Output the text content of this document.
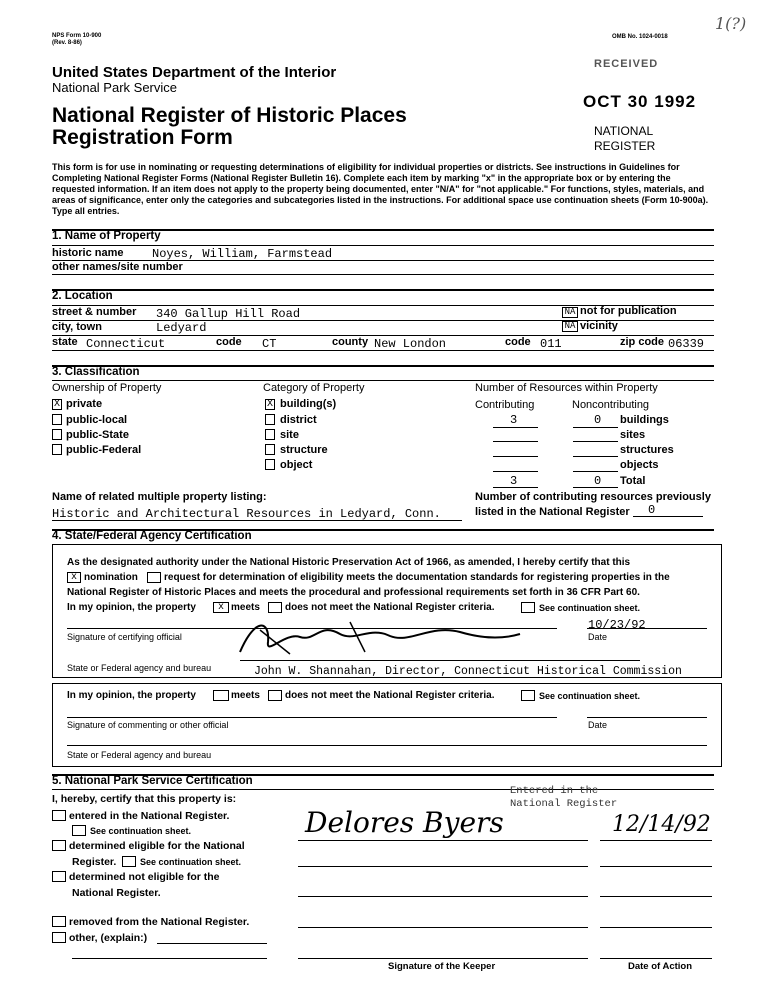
NPS Form 10-900
(Rev. 8-86)
OMB No. 1024-0018
1(?)
United States Department of the Interior
National Park Service
National Register of Historic Places
Registration Form
RECEIVED
OCT 30 1992
NATIONAL
REGISTER
This form is for use in nominating or requesting determinations of eligibility for individual properties or districts. See instructions in Guidelines for Completing National Register Forms (National Register Bulletin 16). Complete each item by marking "x" in the appropriate box or by entering the requested information. If an item does not apply to the property being documented, enter "N/A" for "not applicable." For functions, styles, materials, and areas of significance, enter only the categories and subcategories listed in the instructions. For additional space use continuation sheets (Form 10-900a). Type all entries.
1. Name of Property
historic name Noyes, William, Farmstead
other names/site number
2. Location
street & number 340 Gallup Hill Road	NA not for publication
city, town	Ledyard	NA vicinity
state Connecticut	code CT	county New London	code 011	zip code 06339
3. Classification
Ownership of Property
X private
public-local
public-State
public-Federal
Category of Property
X building(s)
district
site
structure
object
Number of Resources within Property
Contributing	Noncontributing
3	0 buildings
sites
structures
objects
3	0 Total
Name of related multiple property listing:
Historic and Architectural Resources in Ledyard, Conn.
Number of contributing resources previously
listed in the National Register 0
4. State/Federal Agency Certification
As the designated authority under the National Historic Preservation Act of 1966, as amended, I hereby certify that this
x nomination	request for determination of eligibility meets the documentation standards for registering properties in the
National Register of Historic Places and meets the procedural and professional requirements set forth in 36 CFR Part 60.
In my opinion, the property	x meets	does not meet the National Register criteria.	See continuation sheet.
John W. Shannahan
10/23/92
Signature of certifying official	Date
State or Federal agency and bureau	John W. Shannahan, Director, Connecticut Historical Commission
In my opinion, the property	meets	does not meet the National Register criteria.	See continuation sheet.
Signature of commenting or other official	Date
State or Federal agency and bureau
5. National Park Service Certification
I, hereby, certify that this property is:
entered in the National Register.
See continuation sheet.
determined eligible for the National
Register.	See continuation sheet.
determined not eligible for the
National Register.
removed from the National Register.
other, (explain:)
Entered in the
National Register
Delores Byers	12/14/92
Signature of the Keeper	Date of Action
